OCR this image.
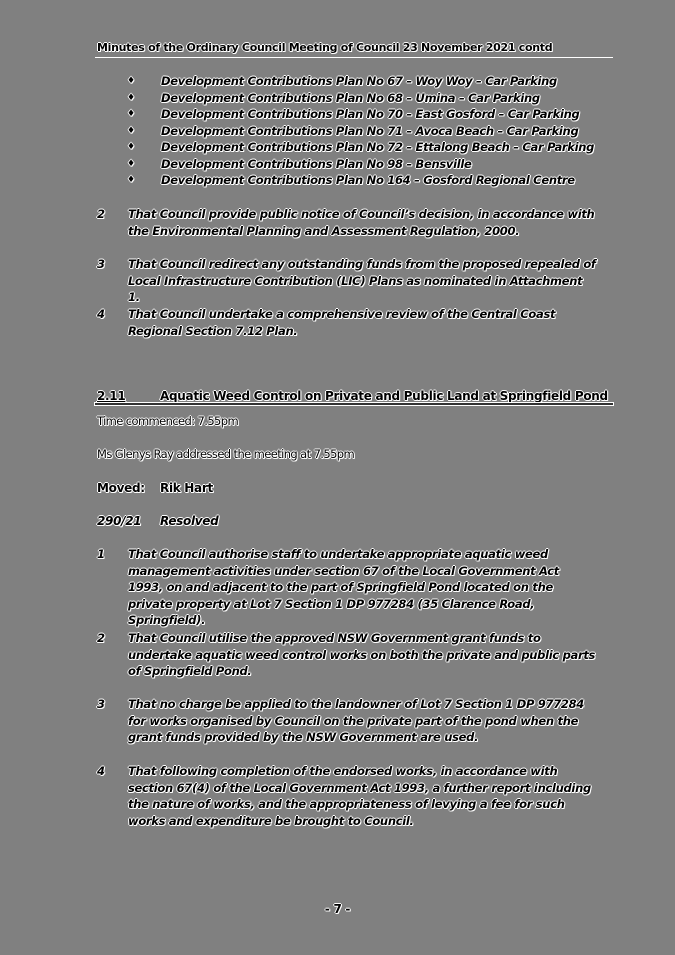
Minutes of the Ordinary Council Meeting of Council 23 November 2021 contd
♦ Development Contributions Plan No 67 – Woy Woy – Car Parking
♦ Development Contributions Plan No 68 – Umina – Car Parking
♦ Development Contributions Plan No 70 – East Gosford – Car Parking
♦ Development Contributions Plan No 71 – Avoca Beach – Car Parking
♦ Development Contributions Plan No 72 – Ettalong Beach – Car Parking
♦ Development Contributions Plan No 98 – Bensville
♦ Development Contributions Plan No 164 – Gosford Regional Centre
2 That Council provide public notice of Council’s decision, in accordance with the Environmental Planning and Assessment Regulation, 2000.
3 That Council redirect any outstanding funds from the proposed repealed of Local Infrastructure Contribution (LIC) Plans as nominated in Attachment 1.
4 That Council undertake a comprehensive review of the Central Coast Regional Section 7.12 Plan.
2.11	Aquatic Weed Control on Private and Public Land at Springfield Pond
Time commenced: 7.55pm
Ms Glenys Ray addressed the meeting at 7.55pm
Moved: Rik Hart
290/21 Resolved
1 That Council authorise staff to undertake appropriate aquatic weed management activities under section 67 of the Local Government Act 1993, on and adjacent to the part of Springfield Pond located on the private property at Lot 7 Section 1 DP 977284 (35 Clarence Road, Springfield).
2 That Council utilise the approved NSW Government grant funds to undertake aquatic weed control works on both the private and public parts of Springfield Pond.
3 That no charge be applied to the landowner of Lot 7 Section 1 DP 977284 for works organised by Council on the private part of the pond when the grant funds provided by the NSW Government are used.
4 That following completion of the endorsed works, in accordance with section 67(4) of the Local Government Act 1993, a further report including the nature of works, and the appropriateness of levying a fee for such works and expenditure be brought to Council.
- 7 -
